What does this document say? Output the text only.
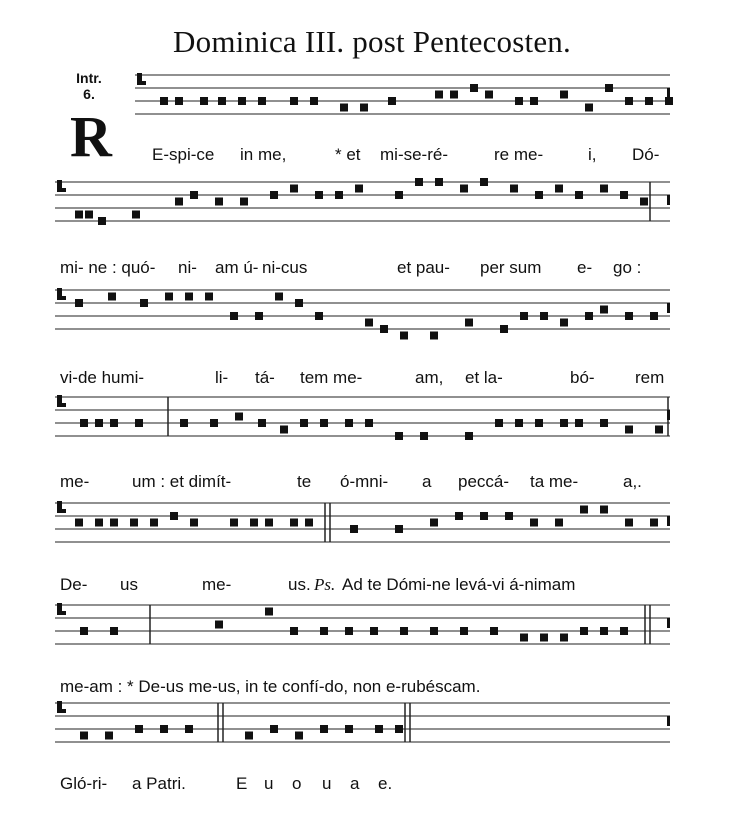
Dominica III. post Pentecosten.
Intr.
6.
R E-spi-ce in me,	* et mi-se-ré-	re me-	i, Dó-
mi- ne : quó- ni- am ú- ni-cus	et pau- per sum e- go :
vi-de humi-	li- tá- tem me-	am, et la-	bó- rem
me-	um : et dimít-	te ó-mni- a peccá- ta me-	a,.
De- us	me-	us. Ps. Ad te Dómi-ne levá-vi á-nimam
me-am : * De-us me-us, in te confí-do, non e-rubéscam.
Gló-ri- a Patri.	E u o u a e.
